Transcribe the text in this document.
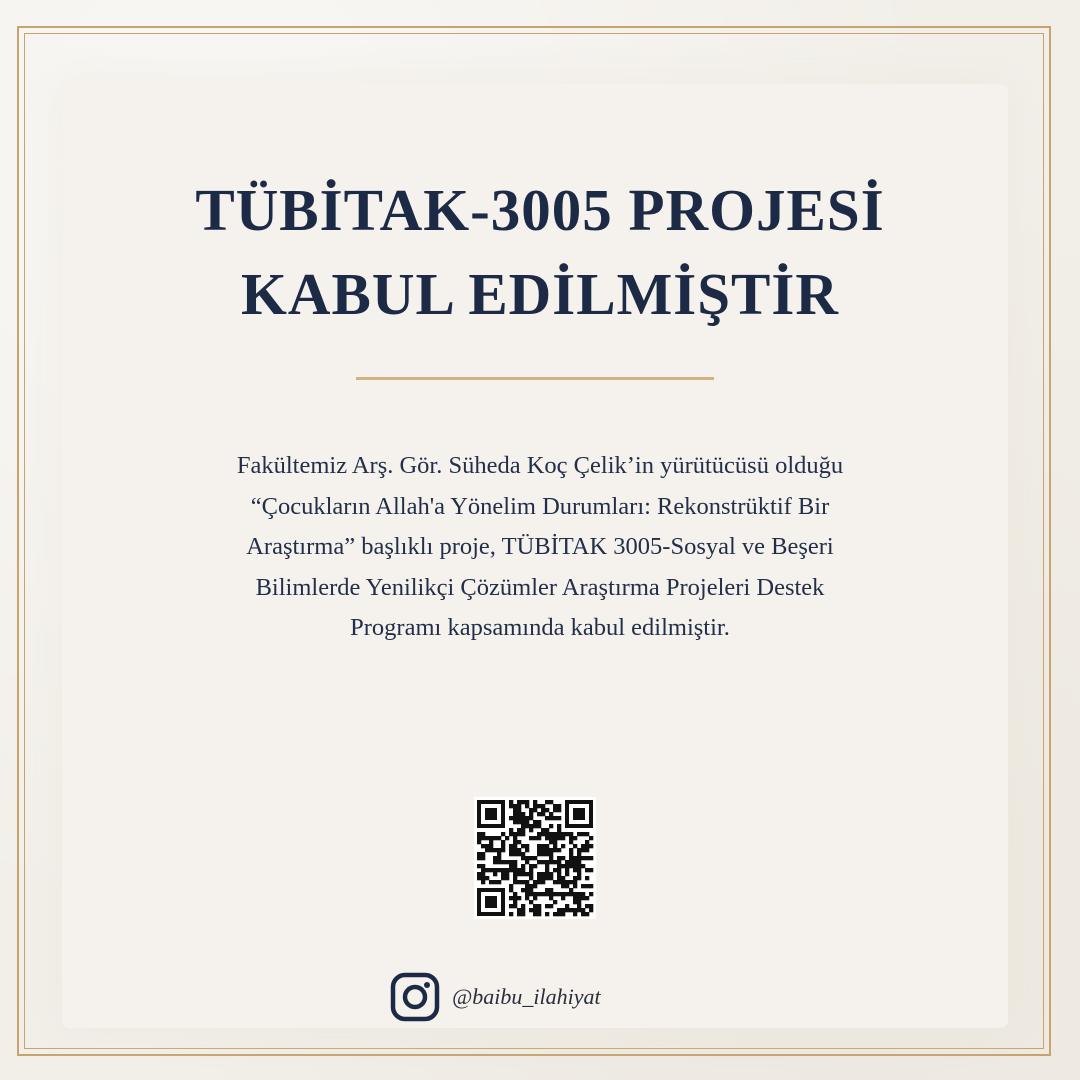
TÜBİTAK-3005 PROJESİ
KABUL EDİLMİŞTİR

Fakültemiz Arş. Gör. Süheda Koç Çelik’in yürütücüsü olduğu
“Çocukların Allah'a Yönelim Durumları: Rekonstrüktif Bir
Araştırma” başlıklı proje, TÜBİTAK 3005-Sosyal ve Beşeri
Bilimlerde Yenilikçi Çözümler Araştırma Projeleri Destek
Programı kapsamında kabul edilmiştir.

@baibu_ilahiyat
